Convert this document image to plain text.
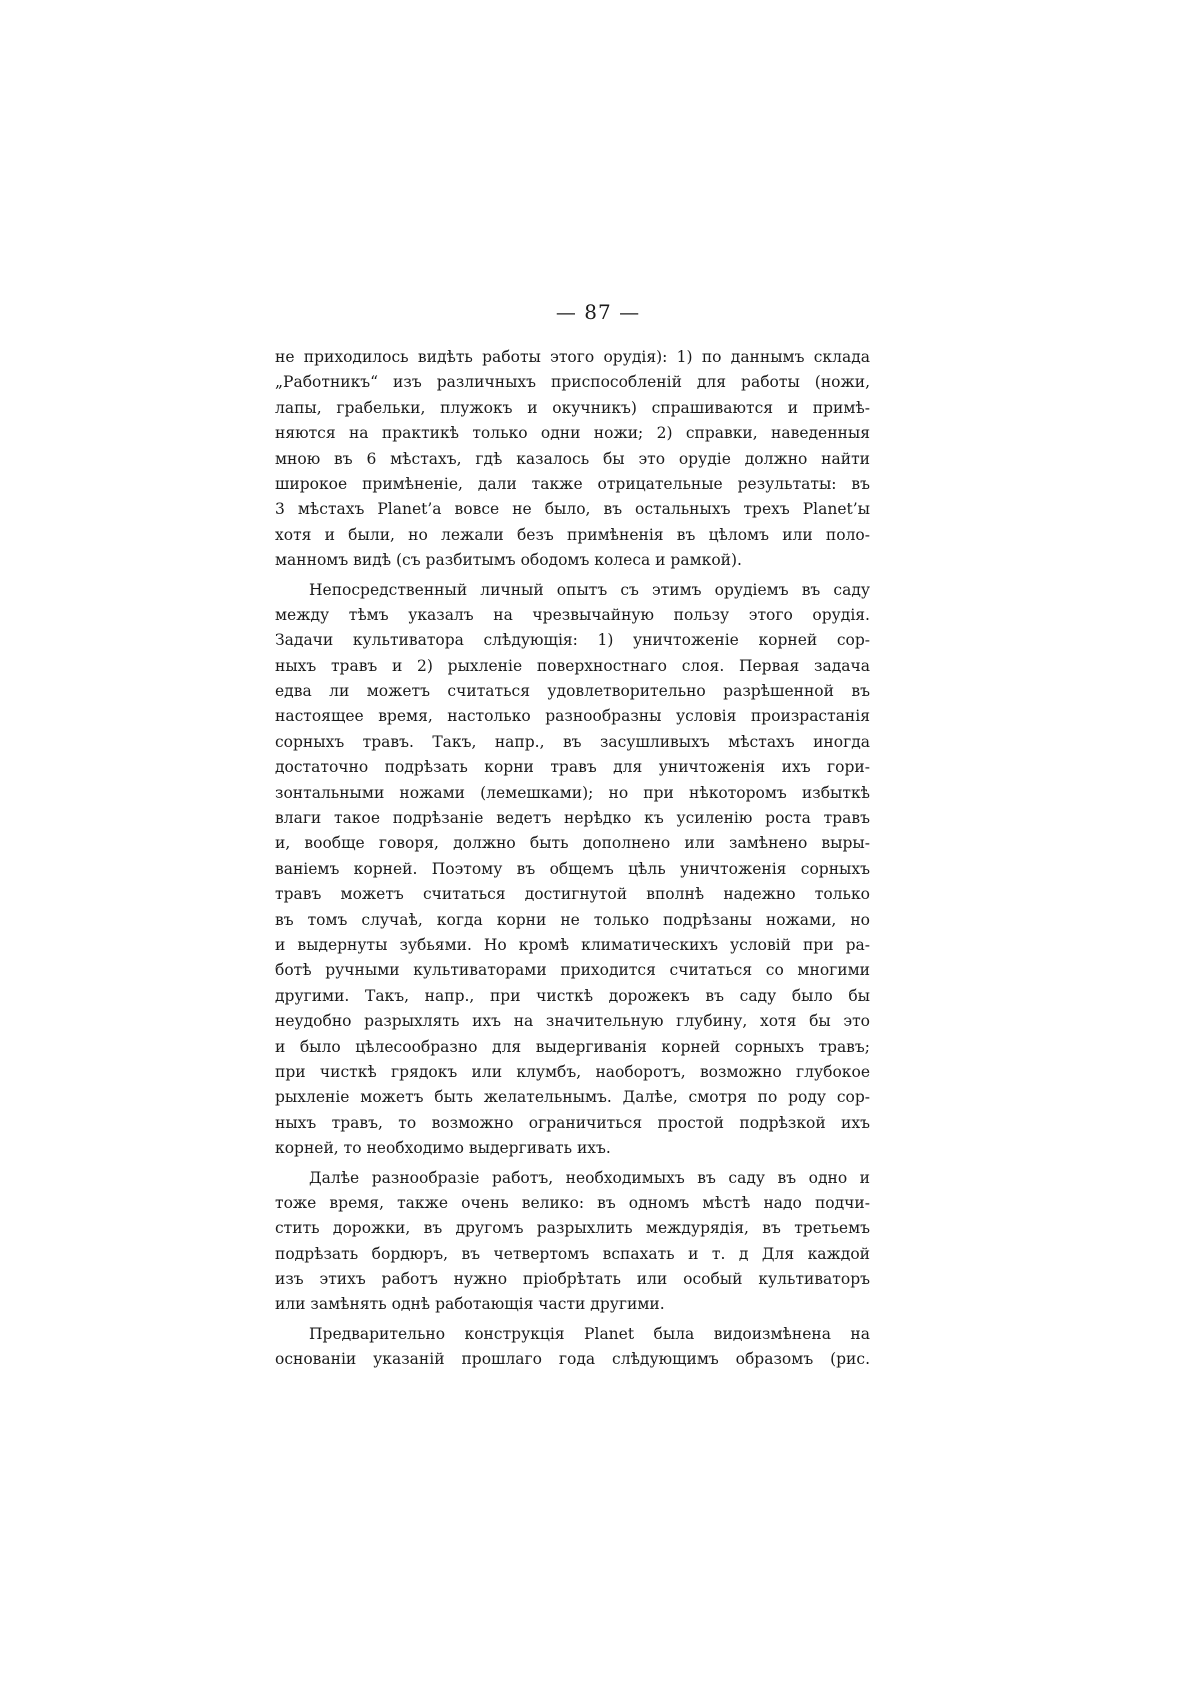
— 87 —
не приходилось видѣть работы этого орудія): 1) по даннымъ склада
„Работникъ“ изъ различныхъ приспособленій для работы (ножи,
лапы, грабельки, плужокъ и окучникъ) спрашиваются и примѣ-
няются на практикѣ только одни ножи; 2) справки, наведенныя
мною въ 6 мѣстахъ, гдѣ казалось бы это орудіе должно найти
широкое примѣненіе, дали также отрицательные результаты: въ
3 мѣстахъ Planet’a вовсе не было, въ остальныхъ трехъ Planet’ы
хотя и были, но лежали безъ примѣненія въ цѣломъ или поло-
манномъ видѣ (съ разбитымъ ободомъ колеса и рамкой).
Непосредственный личный опытъ съ этимъ орудіемъ въ саду
между тѣмъ указалъ на чрезвычайную пользу этого орудія.
Задачи культиватора слѣдующія: 1) уничтоженіе корней сор-
ныхъ травъ и 2) рыхленіе поверхностнаго слоя. Первая задача
едва ли можетъ считаться удовлетворительно разрѣшенной въ
настоящее время, настолько разнообразны условія произрастанія
сорныхъ травъ. Такъ, напр., въ засушливыхъ мѣстахъ иногда
достаточно подрѣзать корни травъ для уничтоженія ихъ гори-
зонтальными ножами (лемешками); но при нѣкоторомъ избыткѣ
влаги такое подрѣзаніе ведетъ нерѣдко къ усиленію роста травъ
и, вообще говоря, должно быть дополнено или замѣнено выры-
ваніемъ корней. Поэтому въ общемъ цѣль уничтоженія сорныхъ
травъ можетъ считаться достигнутой вполнѣ надежно только
въ томъ случаѣ, когда корни не только подрѣзаны ножами, но
и выдернуты зубьями. Но кромѣ климатическихъ условій при ра-
ботѣ ручными культиваторами приходится считаться со многими
другими. Такъ, напр., при чисткѣ дорожекъ въ саду было бы
неудобно разрыхлять ихъ на значительную глубину, хотя бы это
и было цѣлесообразно для выдергиванія корней сорныхъ травъ;
при чисткѣ грядокъ или клумбъ, наоборотъ, возможно глубокое
рыхленіе можетъ быть желательнымъ. Далѣе, смотря по роду сор-
ныхъ травъ, то возможно ограничиться простой подрѣзкой ихъ
корней, то необходимо выдергивать ихъ.
Далѣе разнообразіе работъ, необходимыхъ въ саду въ одно и
тоже время, также очень велико: въ одномъ мѣстѣ надо подчи-
стить дорожки, въ другомъ разрыхлить междурядія, въ третьемъ
подрѣзать бордюръ, въ четвертомъ вспахать и т. д Для каждой
изъ этихъ работъ нужно пріобрѣтать или особый культиваторъ
или замѣнять однѣ работающія части другими.
Предварительно конструкція Planet была видоизмѣнена на
основаніи указаній прошлаго года слѣдующимъ образомъ (рис.
